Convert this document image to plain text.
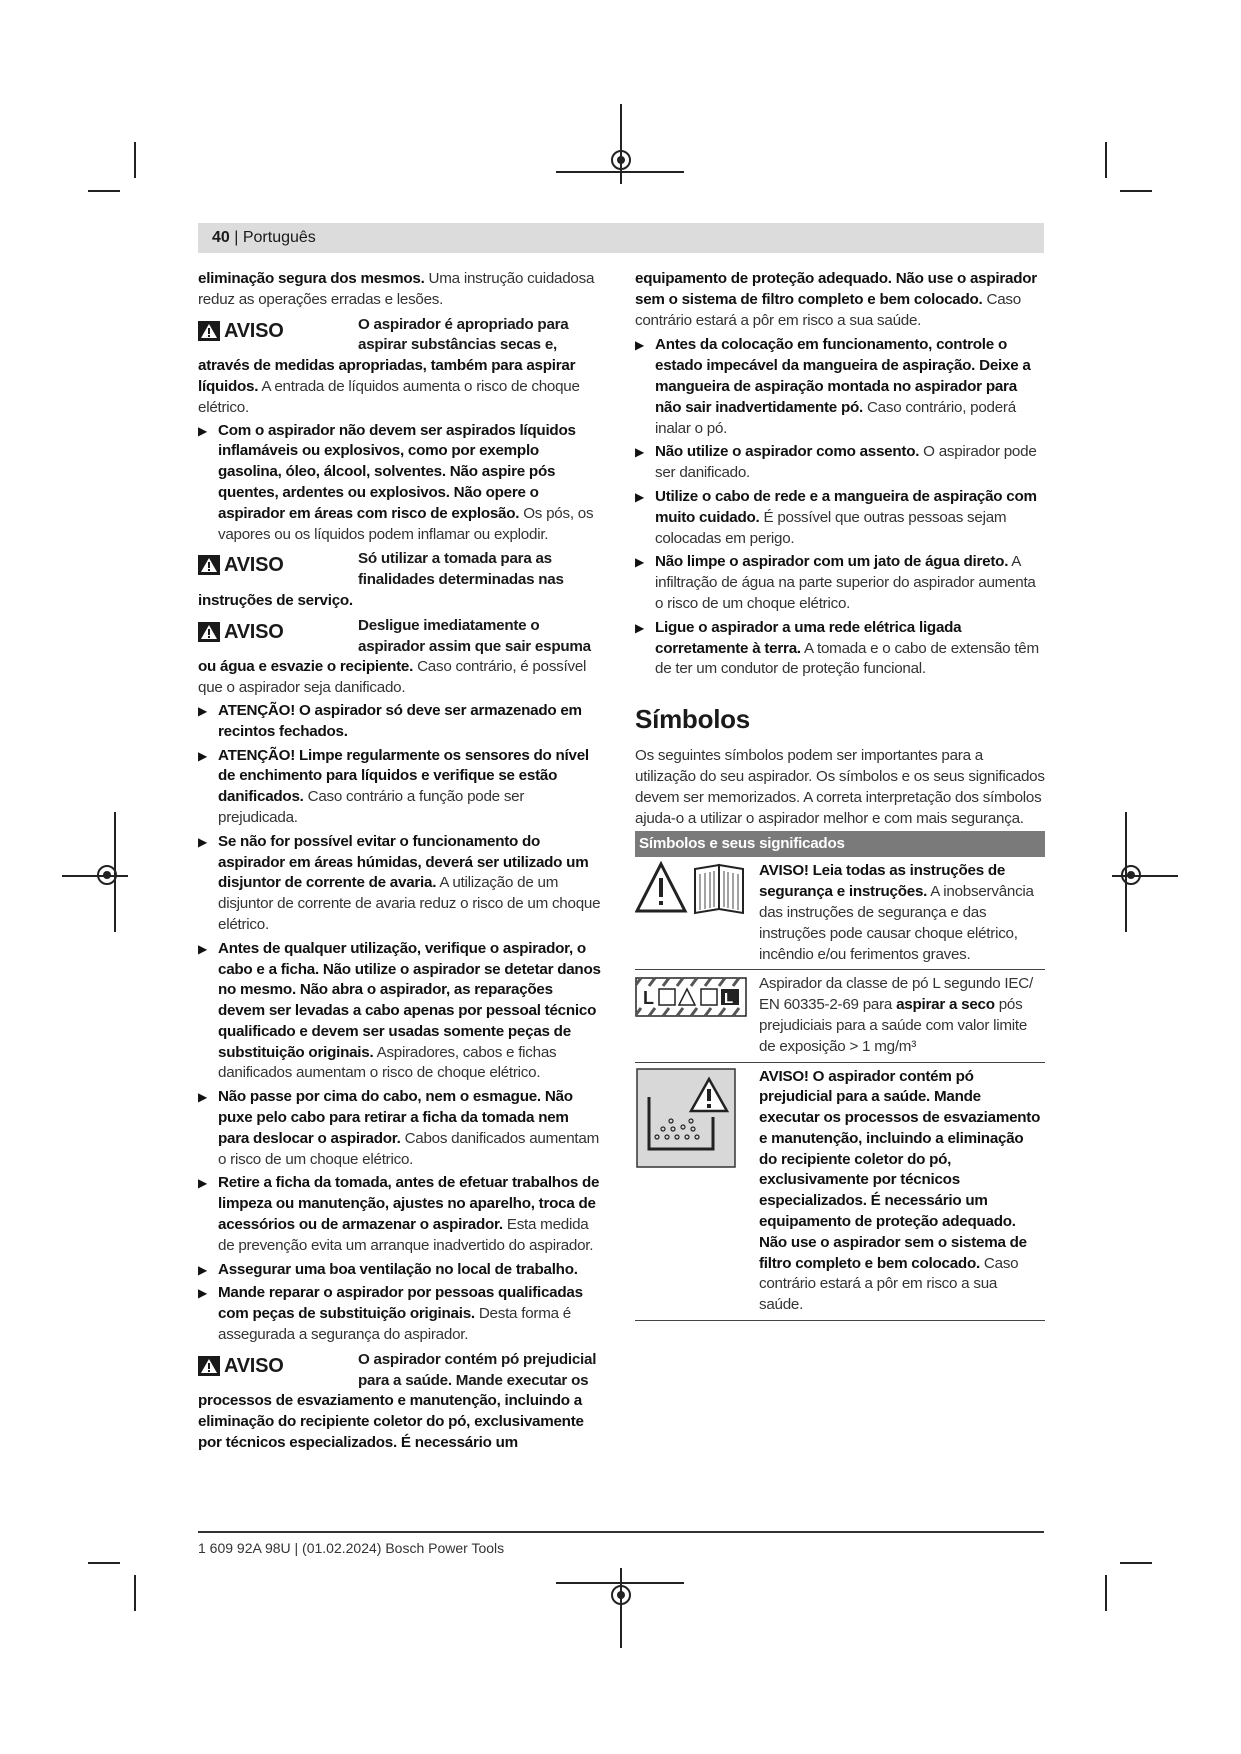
40 | Português

eliminação segura dos mesmos. Uma instrução cuidadosa reduz as operações erradas e lesões.

AVISO	O aspirador é apropriado para aspirar substâncias secas e,

através de medidas apropriadas, também para aspirar líquidos. A entrada de líquidos aumenta o risco de choque elétrico.

▶ Com o aspirador não devem ser aspirados líquidos inflamáveis ou explosivos, como por exemplo gasolina, óleo, álcool, solventes. Não aspire pós quentes, ardentes ou explosivos. Não opere o aspirador em áreas com risco de explosão. Os pós, os vapores ou os líquidos podem inflamar ou explodir.
AVISO	Só utilizar a tomada para as finalidades determinadas nas

instruções de serviço.

AVISO	Desligue imediatamente o aspirador assim que sair espuma

ou água e esvazie o recipiente. Caso contrário, é possível que o aspirador seja danificado.

▶ ATENÇÃO! O aspirador só deve ser armazenado em recintos fechados.
▶ ATENÇÃO! Limpe regularmente os sensores do nível de enchimento para líquidos e verifique se estão danificados. Caso contrário a função pode ser prejudicada.
▶ Se não for possível evitar o funcionamento do aspirador em áreas húmidas, deverá ser utilizado um disjuntor de corrente de avaria. A utilização de um disjuntor de corrente de avaria reduz o risco de um choque elétrico.
▶ Antes de qualquer utilização, verifique o aspirador, o cabo e a ficha. Não utilize o aspirador se detetar danos no mesmo. Não abra o aspirador, as reparações devem ser levadas a cabo apenas por pessoal técnico qualificado e devem ser usadas somente peças de substituição originais. Aspiradores, cabos e fichas danificados aumentam o risco de choque elétrico.
▶ Não passe por cima do cabo, nem o esmague. Não puxe pelo cabo para retirar a ficha da tomada nem para deslocar o aspirador. Cabos danificados aumentam o risco de um choque elétrico.
▶ Retire a ficha da tomada, antes de efetuar trabalhos de limpeza ou manutenção, ajustes no aparelho, troca de acessórios ou de armazenar o aspirador. Esta medida de prevenção evita um arranque inadvertido do aspirador.
▶ Assegurar uma boa ventilação no local de trabalho.
▶ Mande reparar o aspirador por pessoas qualificadas com peças de substituição originais. Desta forma é assegurada a segurança do aspirador.
AVISO	O aspirador contém pó prejudicial para a saúde. Mande executar os

processos de esvaziamento e manutenção, incluindo a eliminação do recipiente coletor do pó, exclusivamente por técnicos especializados. É necessário um

equipamento de proteção adequado. Não use o aspirador sem o sistema de filtro completo e bem colocado. Caso contrário estará a pôr em risco a sua saúde.

▶ Antes da colocação em funcionamento, controle o estado impecável da mangueira de aspiração. Deixe a mangueira de aspiração montada no aspirador para não sair inadvertidamente pó. Caso contrário, poderá inalar o pó.
▶ Não utilize o aspirador como assento. O aspirador pode ser danificado.
▶ Utilize o cabo de rede e a mangueira de aspiração com muito cuidado. É possível que outras pessoas sejam colocadas em perigo.
▶ Não limpe o aspirador com um jato de água direto. A infiltração de água na parte superior do aspirador aumenta o risco de um choque elétrico.
▶ Ligue o aspirador a uma rede elétrica ligada corretamente à terra. A tomada e o cabo de extensão têm de ter um condutor de proteção funcional.
Símbolos

Os seguintes símbolos podem ser importantes para a utilização do seu aspirador. Os símbolos e os seus significados devem ser memorizados. A correta interpretação dos símbolos ajuda-o a utilizar o aspirador melhor e com mais segurança.

Símbolos e seus significados
AVISO! Leia todas as instruções de segurança e instruções. A inobservância das instruções de segurança e das instruções pode causar choque elétrico, incêndio e/ou ferimentos graves.
L	L
Aspirador da classe de pó L segundo IEC/ EN 60335-2-69 para aspirar a seco pós prejudiciais para a saúde com valor limite de exposição > 1 mg/m³
AVISO! O aspirador contém pó prejudicial para a saúde. Mande executar os processos de esvaziamento e manutenção, incluindo a eliminação do recipiente coletor do pó, exclusivamente por técnicos especializados. É necessário um equipamento de proteção adequado. Não use o aspirador sem o sistema de filtro completo e bem colocado. Caso contrário estará a pôr em risco a sua saúde.
1 609 92A 98U | (01.02.2024) Bosch Power Tools
